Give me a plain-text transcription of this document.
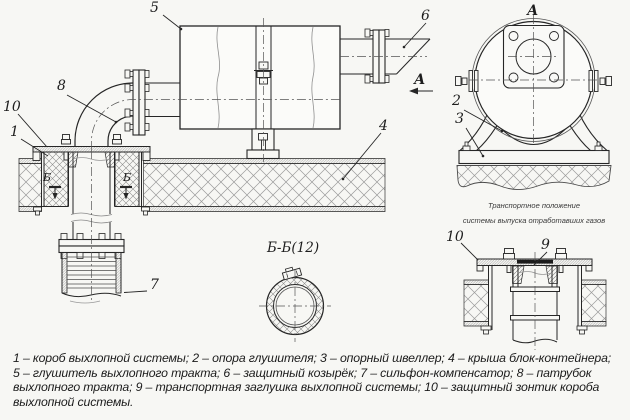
5	6
8
10
1	4
А
Б	Б
7
Б-Б(12)
А
2
3
Транспортное положение
системы выпуска отработавших газов
10	9
1 – короб выхлопной системы; 2 – опора глушителя; 3 – опорный швеллер; 4 – крыша блок-контейнера;
5 – глушитель выхлопного тракта; 6 – защитный козырёк; 7 – сильфон-компенсатор; 8 – патрубок
выхлопного тракта; 9 – транспортная заглушка выхлопной системы; 10 – защитный зонтик короба
выхлопной системы.
